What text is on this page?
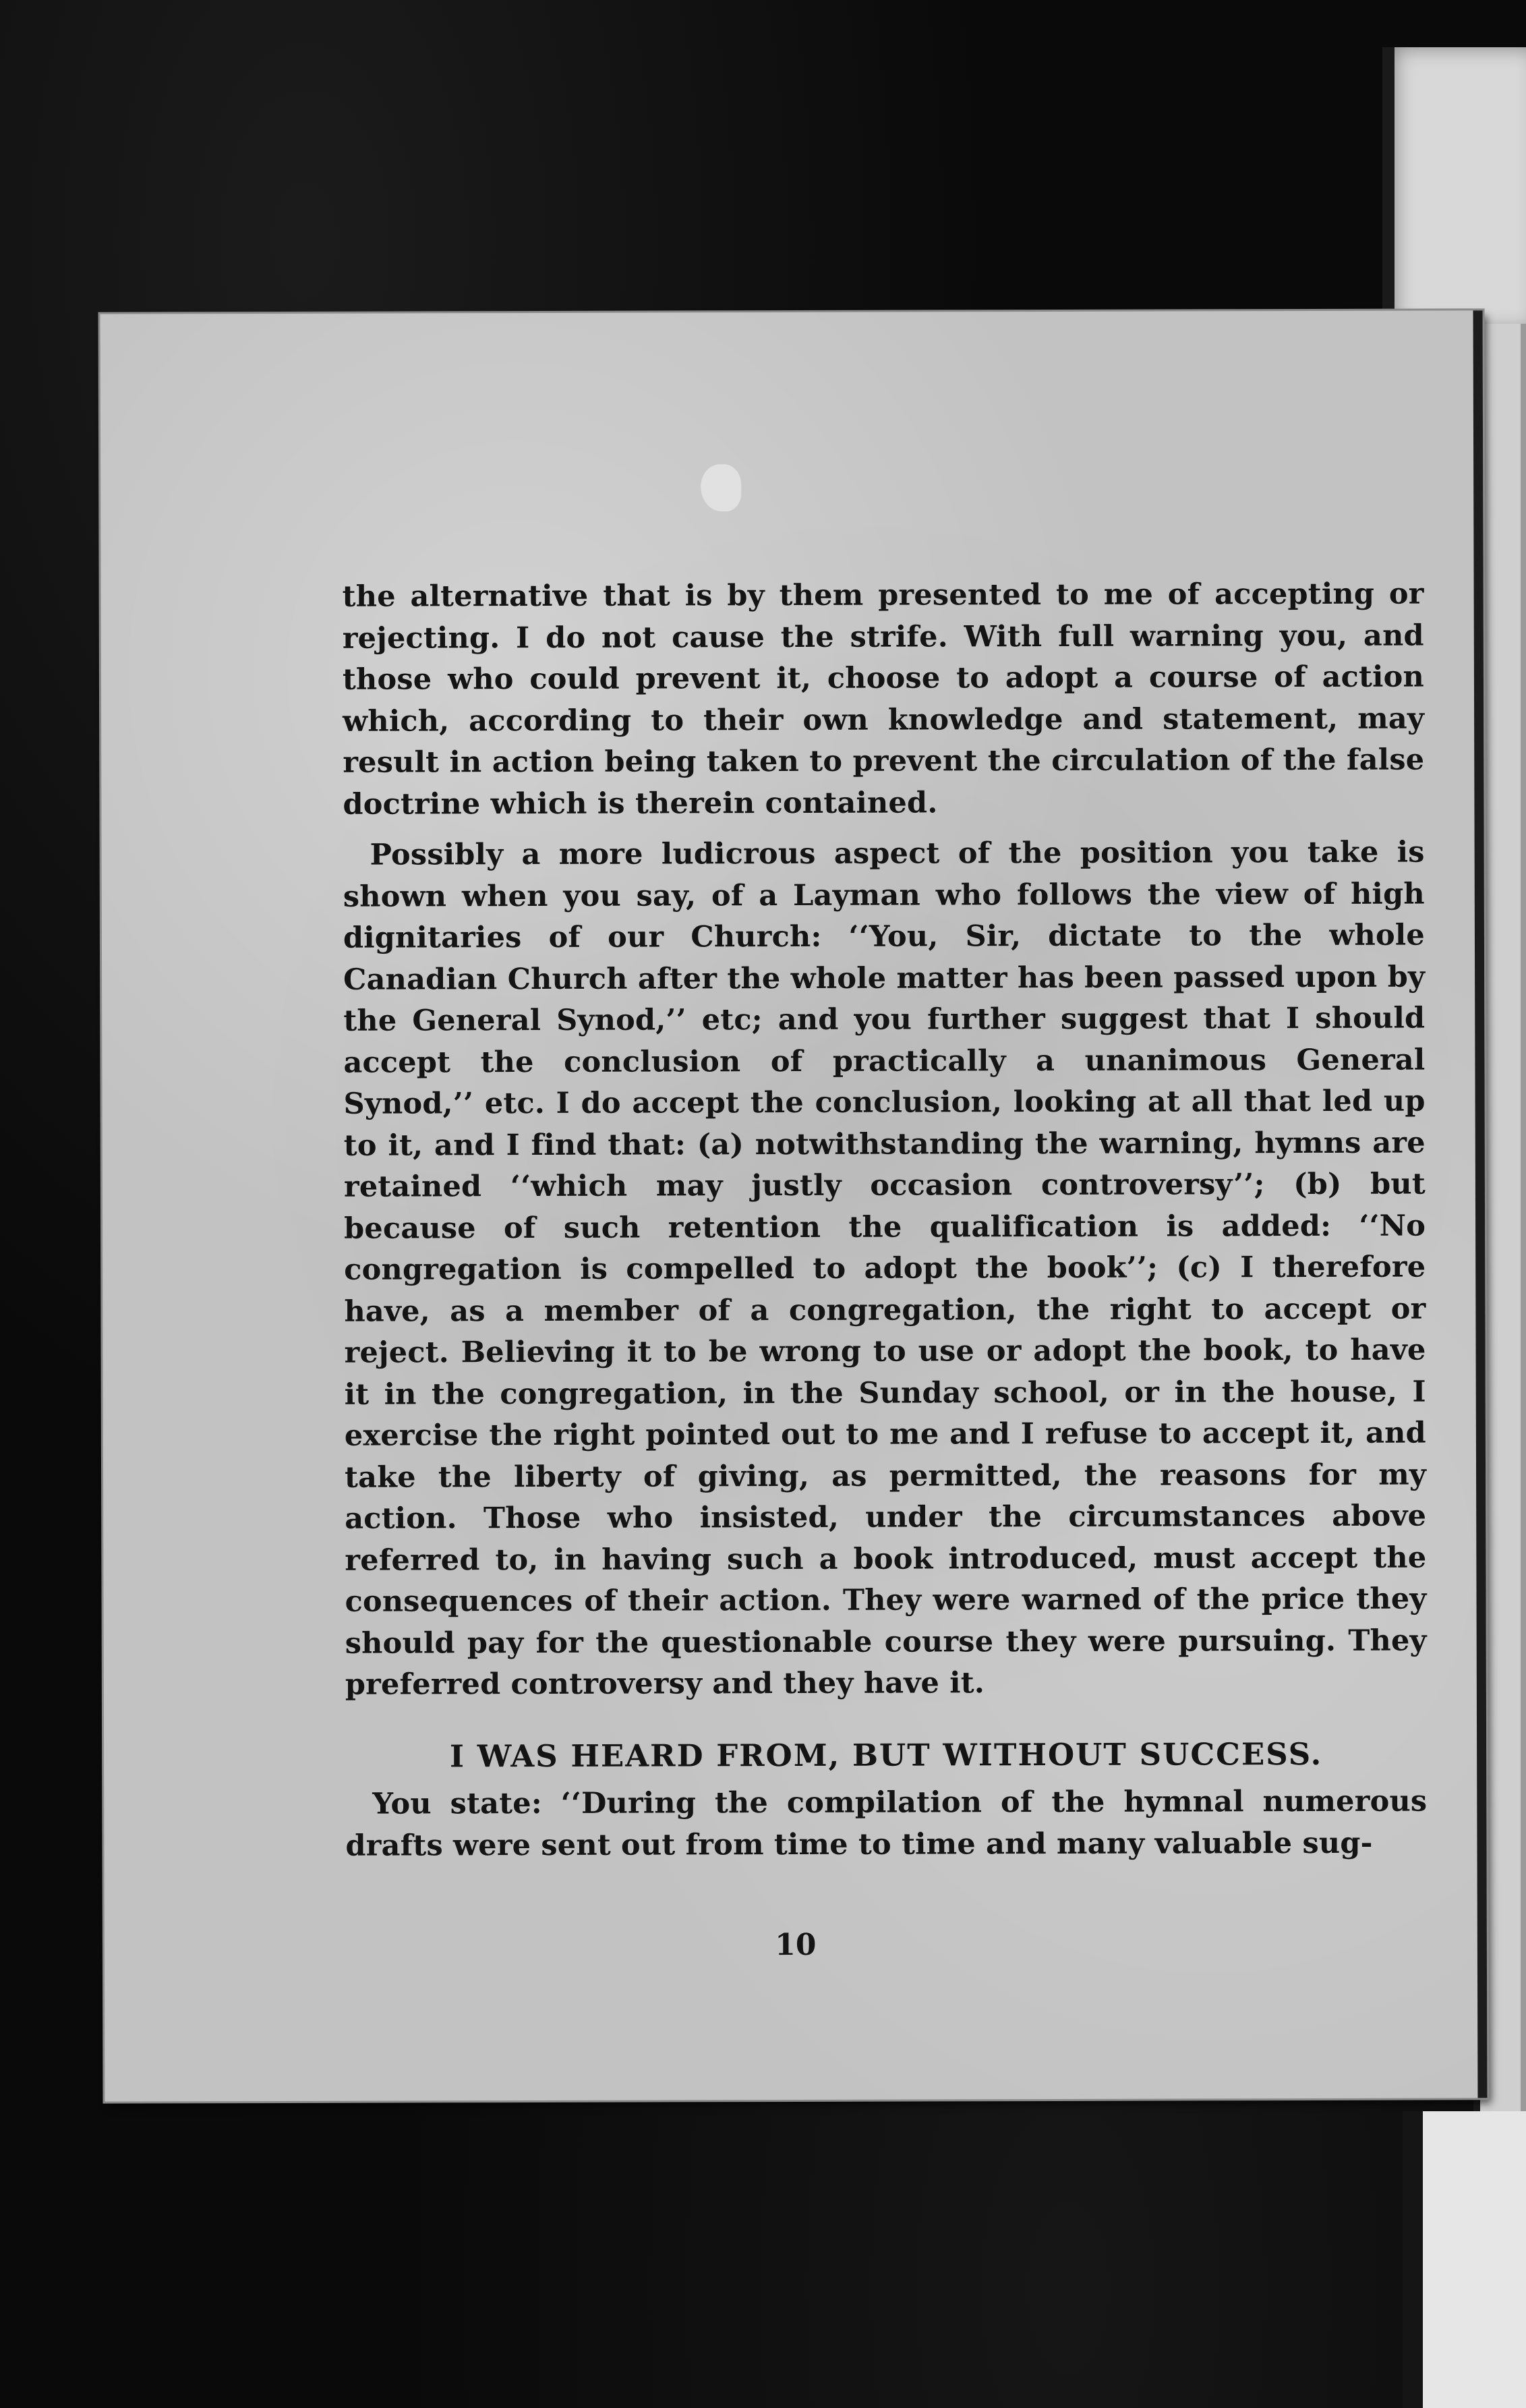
the alternative that is by them presented to me of accepting or rejecting. I do not cause the strife. With full warning you, and those who could prevent it, choose to adopt a course of action which, according to their own knowledge and statement, may result in action being taken to prevent the circulation of the false doctrine which is therein contained.

Possibly a more ludicrous aspect of the position you take is shown when you say, of a Layman who follows the view of high dignitaries of our Church: ‘‘You, Sir, dictate to the whole Canadian Church after the whole matter has been passed upon by the General Synod,’’ etc; and you further suggest that I should accept the conclusion of practically a unanimous General Synod,’’ etc. I do accept the conclusion, looking at all that led up to it, and I find that: (a) notwithstanding the warning, hymns are retained ‘‘which may justly occasion controversy’’; (b) but because of such retention the qualification is added: ‘‘No congregation is compelled to adopt the book’’; (c) I therefore have, as a member of a congregation, the right to accept or reject. Believing it to be wrong to use or adopt the book, to have it in the congregation, in the Sunday school, or in the house, I exercise the right pointed out to me and I refuse to accept it, and take the liberty of giving, as permitted, the reasons for my action. Those who insisted, under the circumstances above referred to, in having such a book introduced, must accept the consequences of their action. They were warned of the price they should pay for the questionable course they were pursuing. They preferred controversy and they have it.

I WAS HEARD FROM, BUT WITHOUT SUCCESS.

You state: ‘‘During the compilation of the hymnal numerous drafts were sent out from time to time and many valuable sug-

10
